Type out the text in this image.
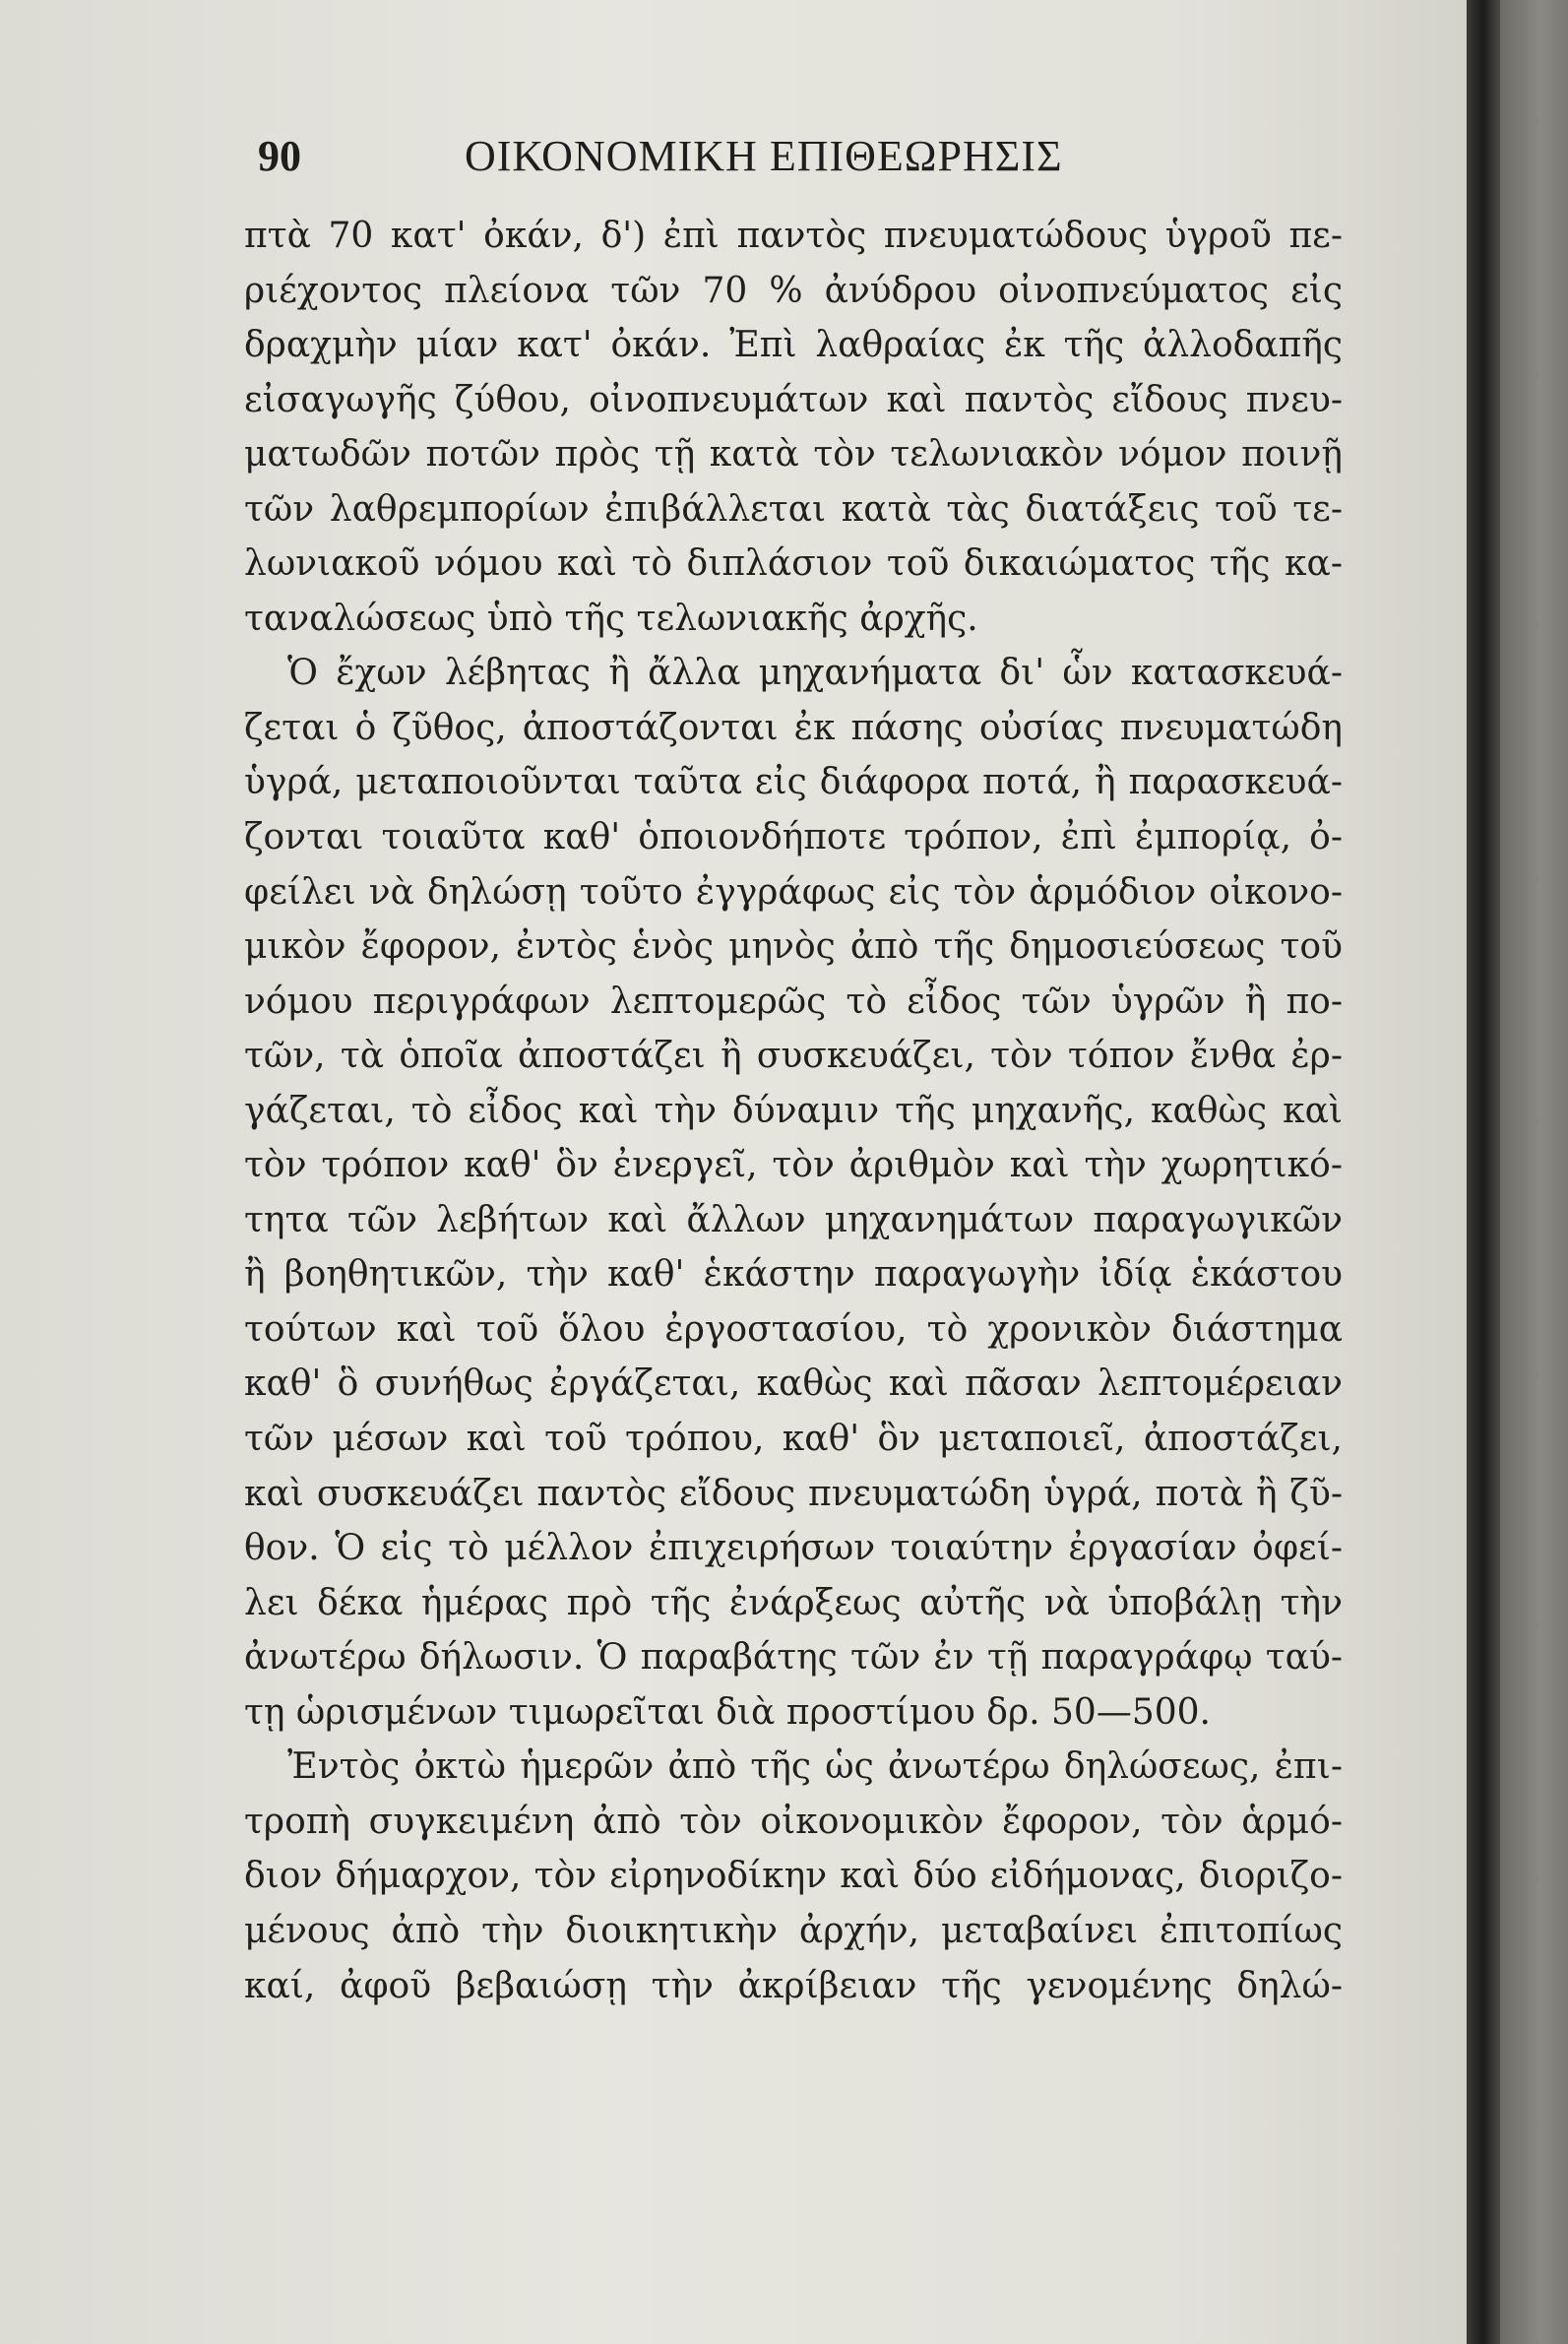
90	ΟΙΚΟΝΟΜΙΚΗ ΕΠΙΘΕΩΡΗΣΙΣ
πτὰ 70 κατ' ὀκάν, δ') ἐπὶ παντὸς πνευματώδους ὑγροῦ πε-
ριέχοντος πλείονα τῶν 70 % ἀνύδρου οἰνοπνεύματος εἰς
δραχμὴν μίαν κατ' ὀκάν. Ἐπὶ λαθραίας ἐκ τῆς ἀλλοδαπῆς
εἰσαγωγῆς ζύθου, οἰνοπνευμάτων καὶ παντὸς εἴδους πνευ-
ματωδῶν ποτῶν πρὸς τῇ κατὰ τὸν τελωνιακὸν νόμον ποινῇ
τῶν λαθρεμπορίων ἐπιβάλλεται κατὰ τὰς διατάξεις τοῦ τε-
λωνιακοῦ νόμου καὶ τὸ διπλάσιον τοῦ δικαιώματος τῆς κα-
ταναλώσεως ὑπὸ τῆς τελωνιακῆς ἀρχῆς.
Ὁ ἔχων λέβητας ἢ ἄλλα μηχανήματα δι' ὧν κατασκευά-
ζεται ὁ ζῦθος, ἀποστάζονται ἐκ πάσης οὐσίας πνευματώδη
ὑγρά, μεταποιοῦνται ταῦτα εἰς διάφορα ποτά, ἢ παρασκευά-
ζονται τοιαῦτα καθ' ὁποιονδήποτε τρόπον, ἐπὶ ἐμπορίᾳ, ὀ-
φείλει νὰ δηλώσῃ τοῦτο ἐγγράφως εἰς τὸν ἁρμόδιον οἰκονο-
μικὸν ἔφορον, ἐντὸς ἑνὸς μηνὸς ἀπὸ τῆς δημοσιεύσεως τοῦ
νόμου περιγράφων λεπτομερῶς τὸ εἶδος τῶν ὑγρῶν ἢ πο-
τῶν, τὰ ὁποῖα ἀποστάζει ἢ συσκευάζει, τὸν τόπον ἔνθα ἐρ-
γάζεται, τὸ εἶδος καὶ τὴν δύναμιν τῆς μηχανῆς, καθὼς καὶ
τὸν τρόπον καθ' ὃν ἐνεργεῖ, τὸν ἀριθμὸν καὶ τὴν χωρητικό-
τητα τῶν λεβήτων καὶ ἄλλων μηχανημάτων παραγωγικῶν
ἢ βοηθητικῶν, τὴν καθ' ἑκάστην παραγωγὴν ἰδίᾳ ἑκάστου
τούτων καὶ τοῦ ὅλου ἐργοστασίου, τὸ χρονικὸν διάστημα
καθ' ὃ συνήθως ἐργάζεται, καθὼς καὶ πᾶσαν λεπτομέρειαν
τῶν μέσων καὶ τοῦ τρόπου, καθ' ὃν μεταποιεῖ, ἀποστάζει,
καὶ συσκευάζει παντὸς εἴδους πνευματώδη ὑγρά, ποτὰ ἢ ζῦ-
θον. Ὁ εἰς τὸ μέλλον ἐπιχειρήσων τοιαύτην ἐργασίαν ὀφεί-
λει δέκα ἡμέρας πρὸ τῆς ἐνάρξεως αὐτῆς νὰ ὑποβάλῃ τὴν
ἀνωτέρω δήλωσιν. Ὁ παραβάτης τῶν ἐν τῇ παραγράφῳ ταύ-
τῃ ὡρισμένων τιμωρεῖται διὰ προστίμου δρ. 50—500.
Ἐντὸς ὀκτὼ ἡμερῶν ἀπὸ τῆς ὡς ἀνωτέρω δηλώσεως, ἐπι-
τροπὴ συγκειμένη ἀπὸ τὸν οἰκονομικὸν ἔφορον, τὸν ἁρμό-
διον δήμαρχον, τὸν εἰρηνοδίκην καὶ δύο εἰδήμονας, διοριζο-
μένους ἀπὸ τὴν διοικητικὴν ἀρχήν, μεταβαίνει ἐπιτοπίως
καί, ἀφοῦ βεβαιώσῃ τὴν ἀκρίβειαν τῆς γενομένης δηλώ-
